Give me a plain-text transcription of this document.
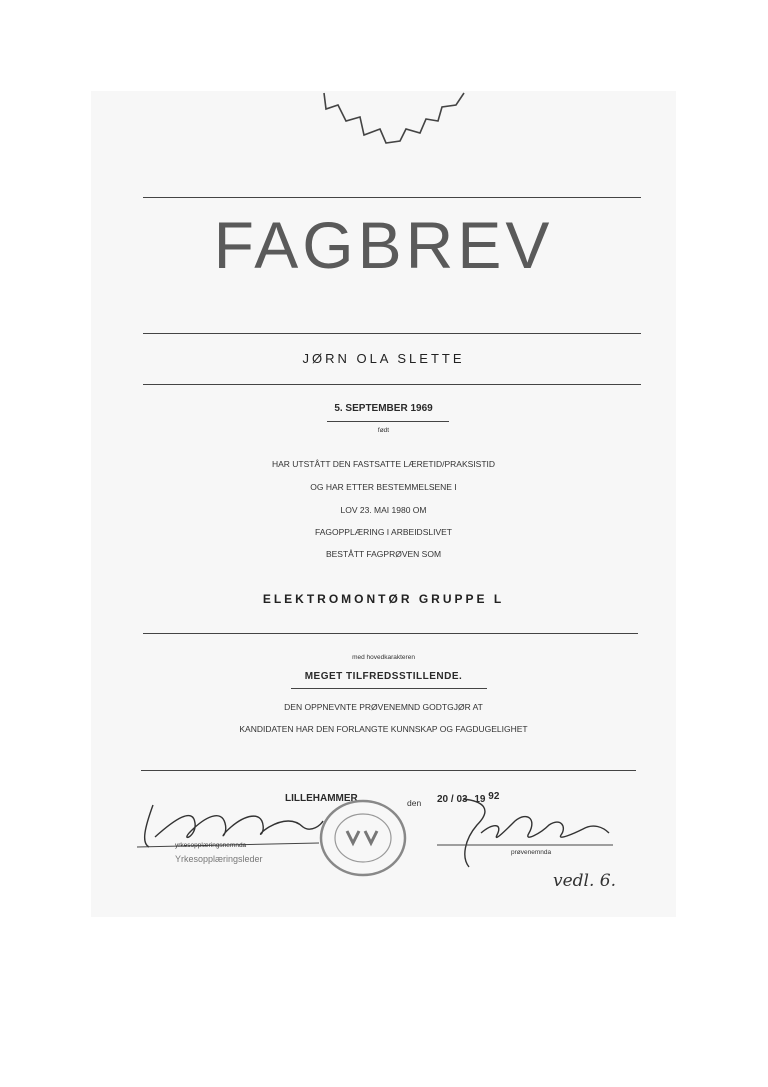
FAGBREV
JØRN OLA SLETTE
5. SEPTEMBER 1969
født
HAR UTSTÅTT DEN FASTSATTE LÆRETID/PRAKSISTID
OG HAR ETTER BESTEMMELSENE I
LOV 23. MAI 1980 OM
FAGOPPLÆRING I ARBEIDSLIVET
BESTÅTT FAGPRØVEN SOM
ELEKTROMONTØR GRUPPE L
med hovedkarakteren
MEGET TILFREDSSTILLENDE.
DEN OPPNEVNTE PRØVENEMND GODTGJØR AT
KANDIDATEN HAR DEN FORLANGTE KUNNSKAP OG FAGDUGELIGHET
LILLEHAMMER	den 20 / 03 19 92
yrkesopplæringsnemnda
Yrkesopplæringsleder
prøvenemnda
vedl. 6.
